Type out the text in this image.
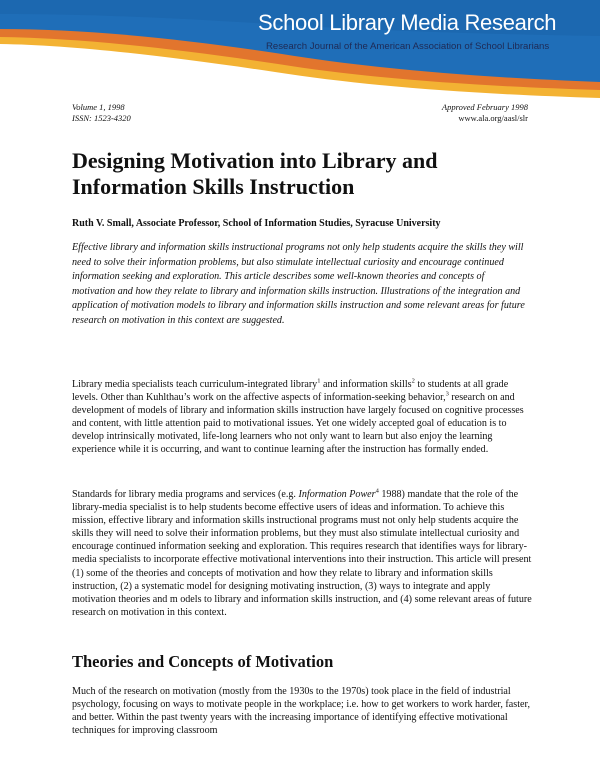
School Library Media Research
Research Journal of the American Association of School Librarians
Volume 1, 1998
ISSN: 1523-4320
Approved February 1998
www.ala.org/aasl/slr
Designing Motivation into Library and
Information Skills Instruction
Ruth V. Small, Associate Professor, School of Information Studies, Syracuse University

Effective library and information skills instructional programs not only help students acquire the skills they will need to solve their information problems, but also stimulate intellectual curiosity and encourage continued information seeking and exploration. This article describes some well-known theories and concepts of motivation and how they relate to library and information skills instruction. Illustrations of the integration and application of motivation models to library and information skills instruction and some relevant areas for future research on motivation in this context are suggested.

Library media specialists teach curriculum-integrated library$^1$ and information skills$^2$ to students at all grade levels. Other than Kuhlthau’s work on the affective aspects of information-seeking behavior,$^3$ research on and development of models of library and information skills instruction have largely focused on cognitive processes and content, with little attention paid to motivational issues. Yet one widely accepted goal of education is to develop intrinsically motivated, life-long learners who not only want to learn but also enjoy the learning experience while it is occurring, and want to continue learning after the instruction has formally ended.

Standards for library media programs and services (e.g. Information Power$^4$ 1988) mandate that the role of the library-media specialist is to help students become effective users of ideas and information. To achieve this mission, effective library and information skills instructional programs must not only help students acquire the skills they will need to solve their information problems, but they must also stimulate intellectual curiosity and encourage continued information seeking and exploration. This requires research that identifies ways for library-media specialists to incorporate effective motivational interventions into their instruction. This article will present (1) some of the theories and concepts of motivation and how they relate to library and information skills instruction, (2) a systematic model for designing motivating instruction, (3) ways to integrate and apply motivation theories and m odels to library and information skills instruction, and (4) some relevant areas of future research on motivation in this context.

Theories and Concepts of Motivation

Much of the research on motivation (mostly from the 1930s to the 1970s) took place in the field of industrial psychology, focusing on ways to motivate people in the workplace; i.e. how to get workers to work harder, faster, and better. Within the past twenty years with the increasing importance of identifying effective motivational techniques for improving classroom
